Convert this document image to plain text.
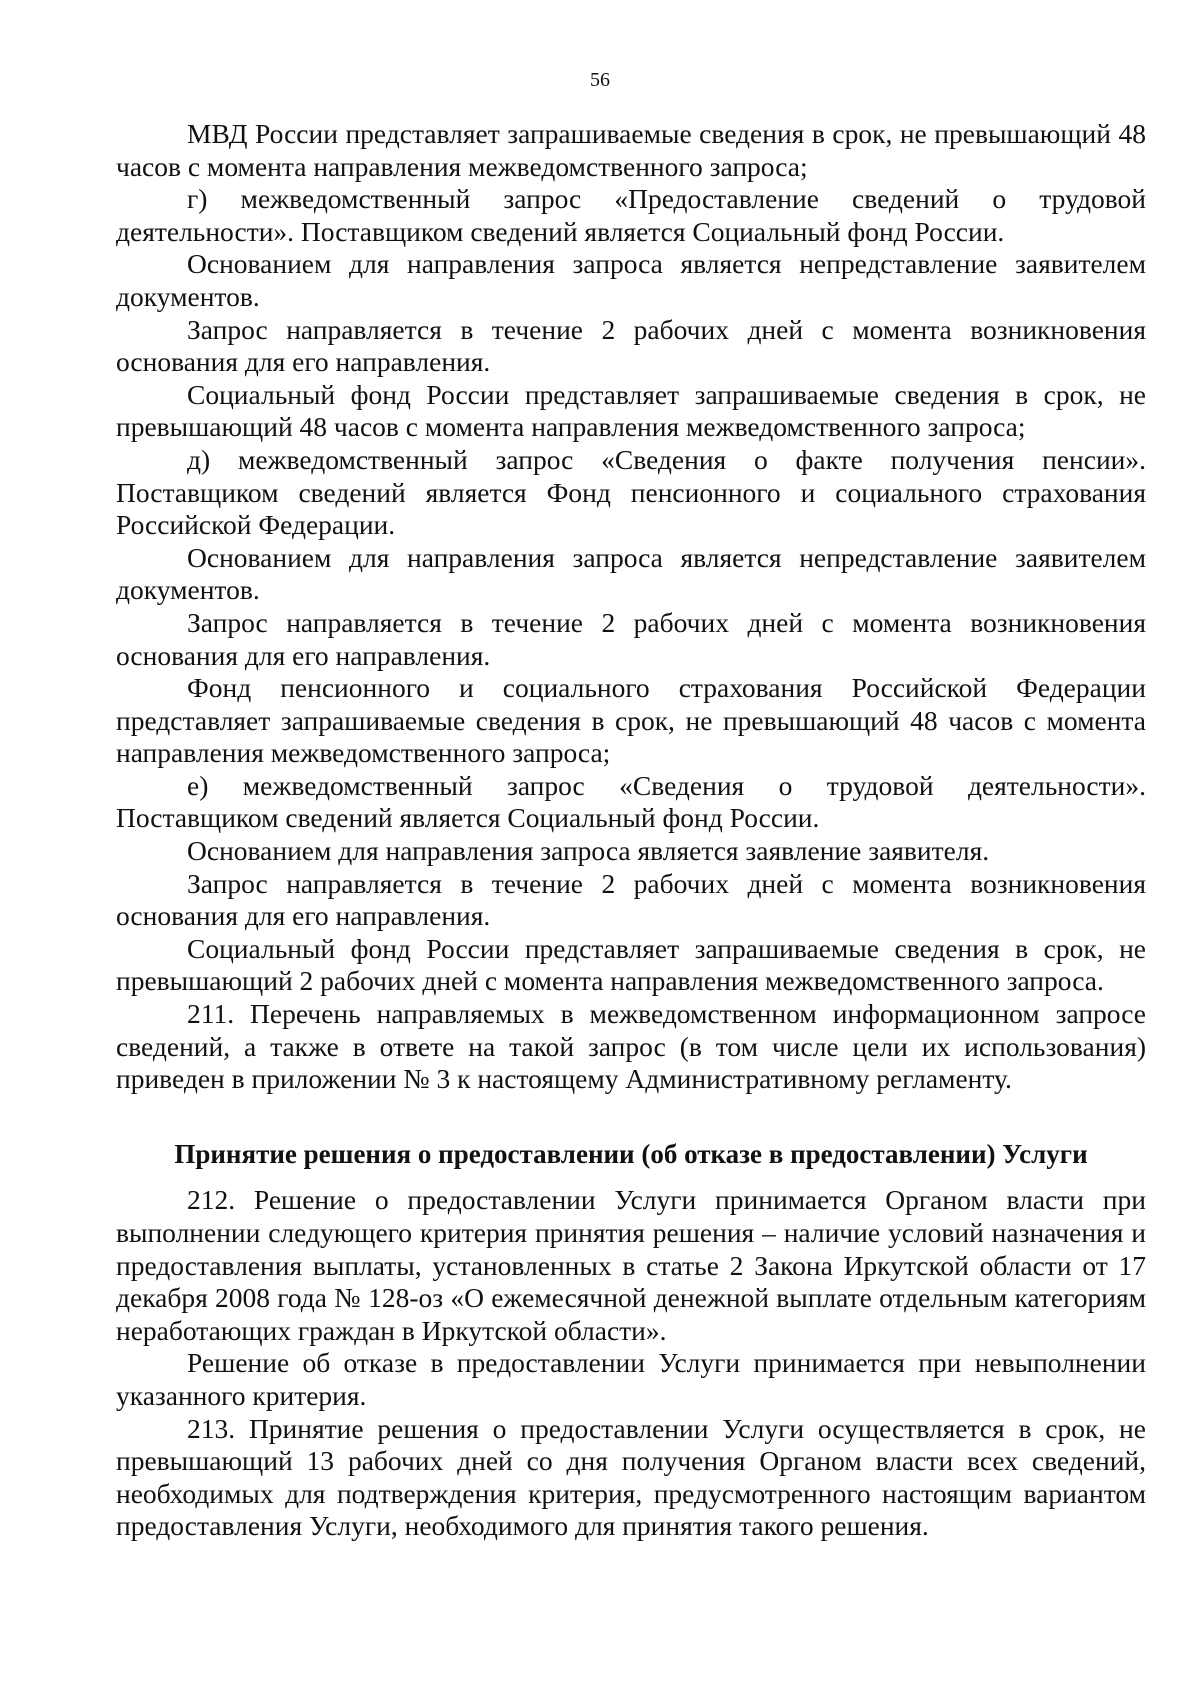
56

МВД России представляет запрашиваемые сведения в срок, не превышающий 48 часов с момента направления межведомственного запроса;

г) межведомственный запрос «Предоставление сведений о трудовой деятельности». Поставщиком сведений является Социальный фонд России.

Основанием для направления запроса является непредставление заявителем документов.

Запрос направляется в течение 2 рабочих дней с момента возникновения основания для его направления.

Социальный фонд России представляет запрашиваемые сведения в срок, не превышающий 48 часов с момента направления межведомственного запроса;

д) межведомственный запрос «Сведения о факте получения пенсии». Поставщиком сведений является Фонд пенсионного и социального страхования Российской Федерации.

Основанием для направления запроса является непредставление заявителем документов.

Запрос направляется в течение 2 рабочих дней с момента возникновения основания для его направления.

Фонд пенсионного и социального страхования Российской Федерации представляет запрашиваемые сведения в срок, не превышающий 48 часов с момента направления межведомственного запроса;

е) межведомственный запрос «Сведения о трудовой деятельности». Поставщиком сведений является Социальный фонд России.

Основанием для направления запроса является заявление заявителя.

Запрос направляется в течение 2 рабочих дней с момента возникновения основания для его направления.

Социальный фонд России представляет запрашиваемые сведения в срок, не превышающий 2 рабочих дней с момента направления межведомственного запроса.

211. Перечень направляемых в межведомственном информационном запросе сведений, а также в ответе на такой запрос (в том числе цели их использования) приведен в приложении № 3 к настоящему Административному регламенту.

Принятие решения о предоставлении (об отказе в предоставлении) Услуги

212. Решение о предоставлении Услуги принимается Органом власти при выполнении следующего критерия принятия решения – наличие условий назначения и предоставления выплаты, установленных в статье 2 Закона Иркутской области от 17 декабря 2008 года № 128-оз «О ежемесячной денежной выплате отдельным категориям неработающих граждан в Иркутской области».

Решение об отказе в предоставлении Услуги принимается при невыполнении указанного критерия.

213. Принятие решения о предоставлении Услуги осуществляется в срок, не превышающий 13 рабочих дней со дня получения Органом власти всех сведений, необходимых для подтверждения критерия, предусмотренного настоящим вариантом предоставления Услуги, необходимого для принятия такого решения.
